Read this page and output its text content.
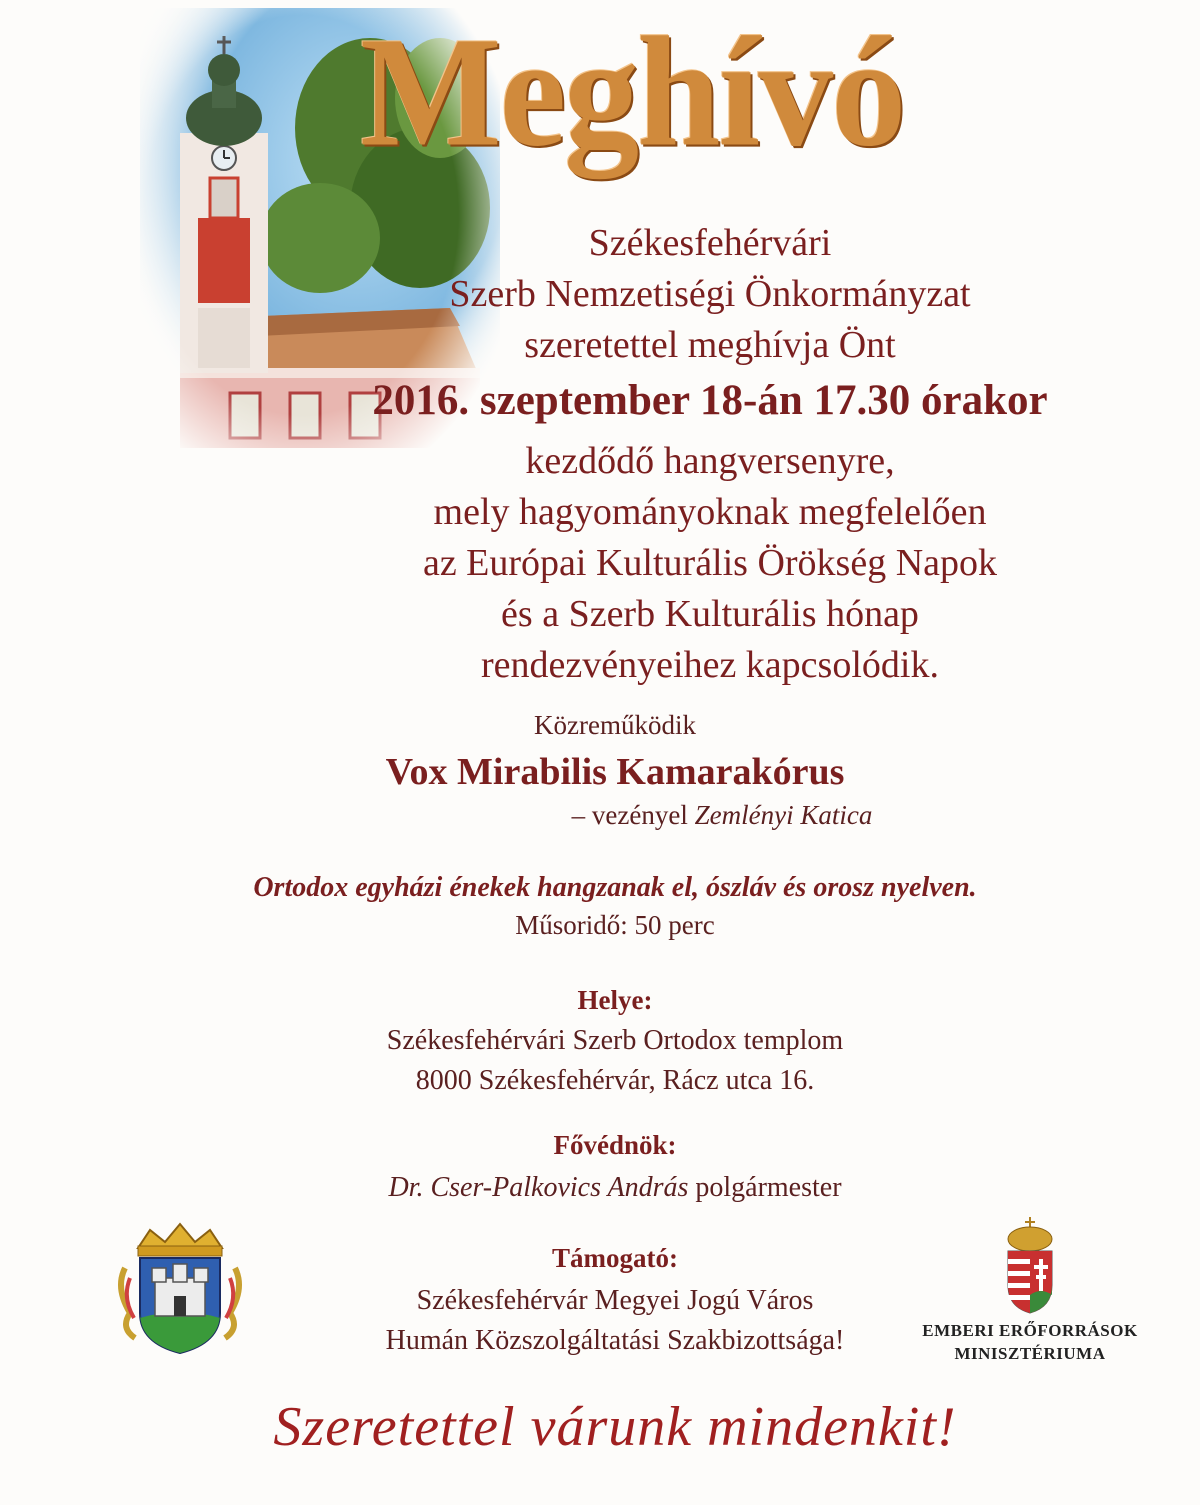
Meghívó
Székesfehérvári
Szerb Nemzetiségi Önkormányzat
szeretettel meghívja Önt
2016. szeptember 18-án 17.30 órakor
kezdődő hangversenyre,
mely hagyományoknak megfelelően
az Európai Kulturális Örökség Napok
és a Szerb Kulturális hónap
rendezvényeihez kapcsolódik.
Közreműködik
Vox Mirabilis Kamarakórus
– vezényel Zemlényi Katica
Ortodox egyházi énekek hangzanak el, ószláv és orosz nyelven.
Műsoridő: 50 perc
Helye:
Székesfehérvári Szerb Ortodox templom
8000 Székesfehérvár, Rácz utca 16.
Fővédnök:
Dr. Cser-Palkovics András polgármester
Támogató:
Székesfehérvár Megyei Jogú Város
Humán Közszolgáltatási Szakbizottsága!	EMBERI ERŐFORRÁSOK
MINISZTÉRIUMA
Szeretettel várunk mindenkit!
